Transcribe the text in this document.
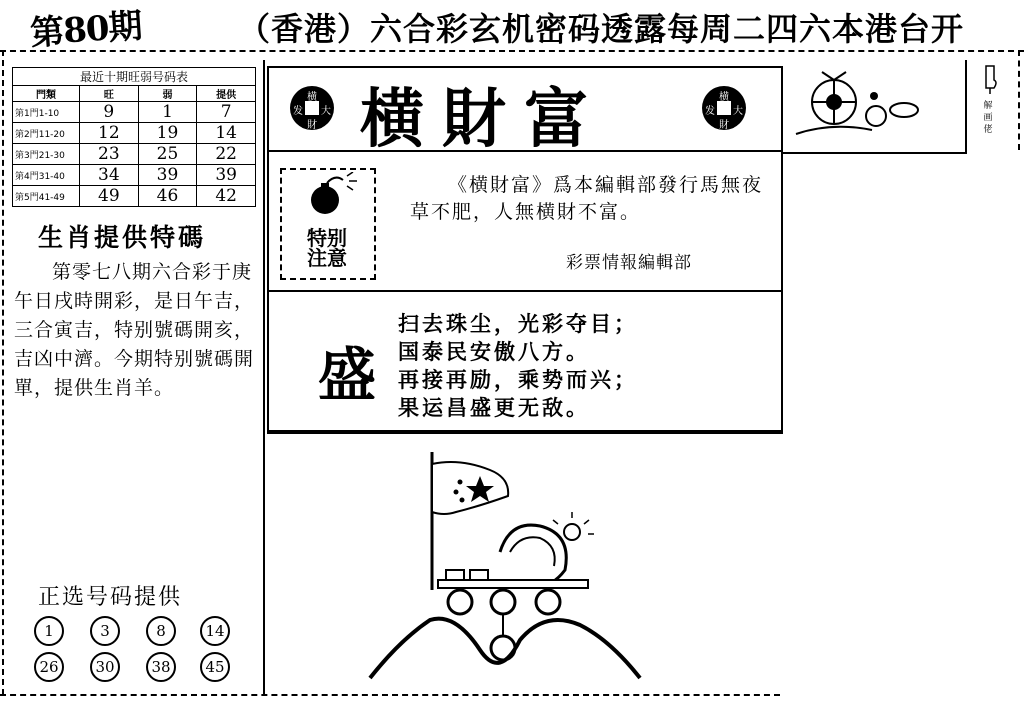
第80期	（香港）六合彩玄机密码透露每周二四六本港台开
最近十期旺弱号码表			
門類	旺	弱	提供
第1門1-10	9	1	7
第2門11-20	12	19	14
第3門21-30	23	25	22
第4門31-40	34	39	39
第5門41-49	49	46	42
生肖提供特碼

第零七八期六合彩于庚午日戌時開彩，是日午吉，三合寅吉，特别號碼開亥，吉凶中濟。今期特别號碼開單，提供生肖羊。

正选号码提供
1	3	8	14
26	30	38	45
横
发 大
財
横
发 大
財
横財富
特别
注意

《横財富》爲本編輯部發行馬無夜草不肥，人無横財不富。

彩票情報編輯部
盛
扫去珠尘，光彩夺目；
国泰民安傲八方。
再接再励，乘势而兴；
果运昌盛更无敌。
解画佬
